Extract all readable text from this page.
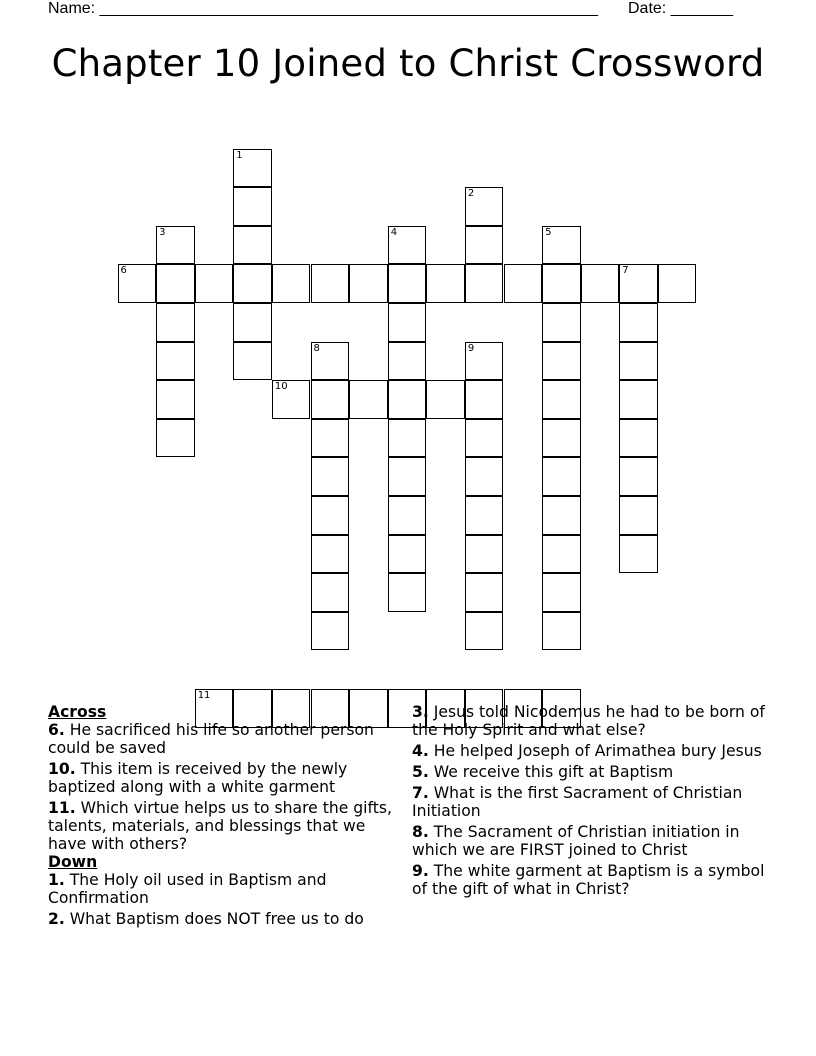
Name: ________________________________________________________ Date: _______
Chapter 10 Joined to Christ Crossword
1
2
3	4	5
6	7
8	9
10
11
Across
6. He sacrificed his life so another person could be saved
10. This item is received by the newly baptized along with a white garment
11. Which virtue helps us to share the gifts, talents, materials, and blessings that we have with others?
Down
1. The Holy oil used in Baptism and Confirmation
2. What Baptism does NOT free us to do
3. Jesus told Nicodemus he had to be born of the Holy Spirit and what else?
4. He helped Joseph of Arimathea bury Jesus
5. We receive this gift at Baptism
7. What is the first Sacrament of Christian Initiation
8. The Sacrament of Christian initiation in which we are FIRST joined to Christ
9. The white garment at Baptism is a symbol of the gift of what in Christ?
